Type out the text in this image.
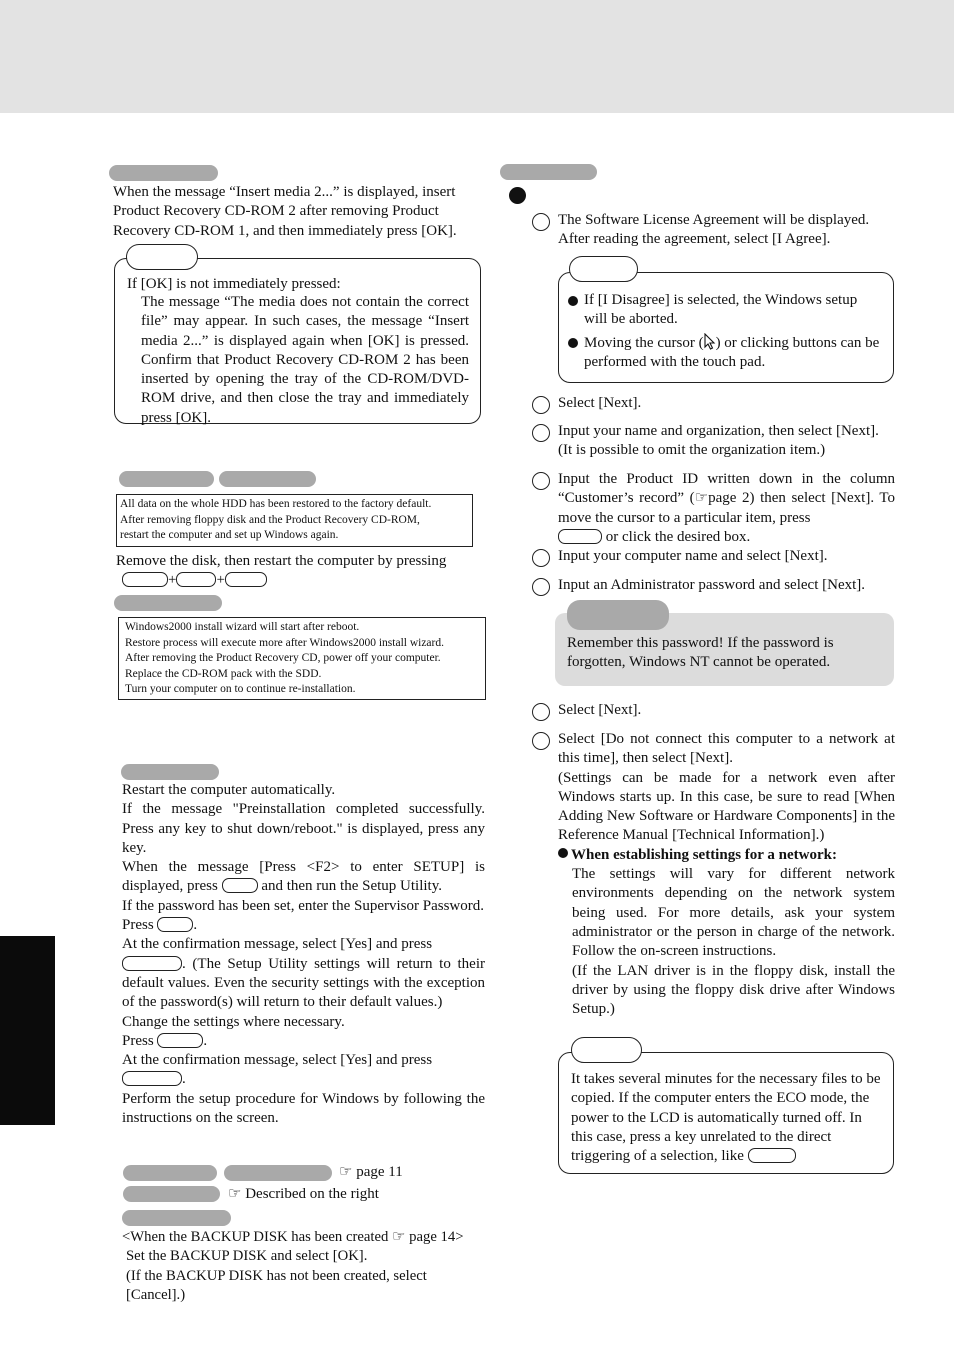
When the message “Insert media 2...” is displayed, insert Product Recovery CD-ROM 2 after removing Product Recovery CD-ROM 1, and then immediately press [OK].

If [OK] is not immediately pressed:

The message “The media does not contain the correct file” may appear. In such cases, the message “Insert media 2...” is displayed again when [OK] is pressed. Confirm that Product Recovery CD-ROM 2 has been inserted by opening the tray of the CD-ROM/DVD-ROM drive, and then close the tray and immediately press [OK].

All data on the whole HDD has been restored to the factory default.
After removing floppy disk and the Product Recovery CD-ROM,
restart the computer and set up Windows again.

Remove the disk, then restart the computer by pressing

+	+
Windows2000 install wizard will start after reboot.
Restore process will execute more after Windows2000 install wizard.
After removing the Product Recovery CD, power off your computer.
Replace the CD-ROM pack with the SDD.
Turn your computer on to continue re-installation.
Restart the computer automatically.
If the message "Preinstallation completed successfully. Press any key to shut down/reboot." is displayed, press any key.
When the message [Press <F2> to enter SETUP] is displayed, press	and then run the Setup Utility.
If the password has been set, enter the Supervisor Password.
Press	.
At the confirmation message, select [Yes] and press
. (The Setup Utility settings will return to their default values. Even the security settings with the exception of the password(s) will return to their default values.)
Change the settings where necessary.
Press	.
At the confirmation message, select [Yes] and press
.
Perform the setup procedure for Windows by following the instructions on the screen.
☞ page 11
☞ Described on the right
<When the BACKUP DISK has been created ☞ page 14>
Set the BACKUP DISK and select [OK].
(If the BACKUP DISK has not been created, select [Cancel].)

The Software License Agreement will be displayed. After reading the agreement, select [I Agree].

If [I Disagree] is selected, the Windows setup will be aborted.
Moving the cursor ( ) or clicking buttons can be performed with the touch pad.

Select [Next].

Input your name and organization, then select [Next]. (It is possible to omit the organization item.)

Input the Product ID written down in the column “Customer’s record” (☞page 2) then select [Next]. To move the cursor to a particular item, press
or click the desired box.

Input your computer name and select [Next].

Input an Administrator password and select [Next].

Remember this password! If the password is forgotten, Windows NT cannot be operated.

Select [Next].

Select [Do not connect this computer to a network at this time], then select [Next].
(Settings can be made for a network even after Windows starts up. In this case, be sure to read [When Adding New Software or Hardware Components] in the Reference Manual [Technical Information].)
When establishing settings for a network:
The settings will vary for different network environments depending on the network system being used. For more details, ask your system administrator or the person in charge of the network. Follow the on-screen instructions.
(If the LAN driver is in the floppy disk, install the driver by using the floppy disk drive after Windows Setup.)
It takes several minutes for the necessary files to be copied. If the computer enters the ECO mode, the power to the LCD is automatically turned off. In this case, press a key unrelated to the direct triggering of a selection, like
